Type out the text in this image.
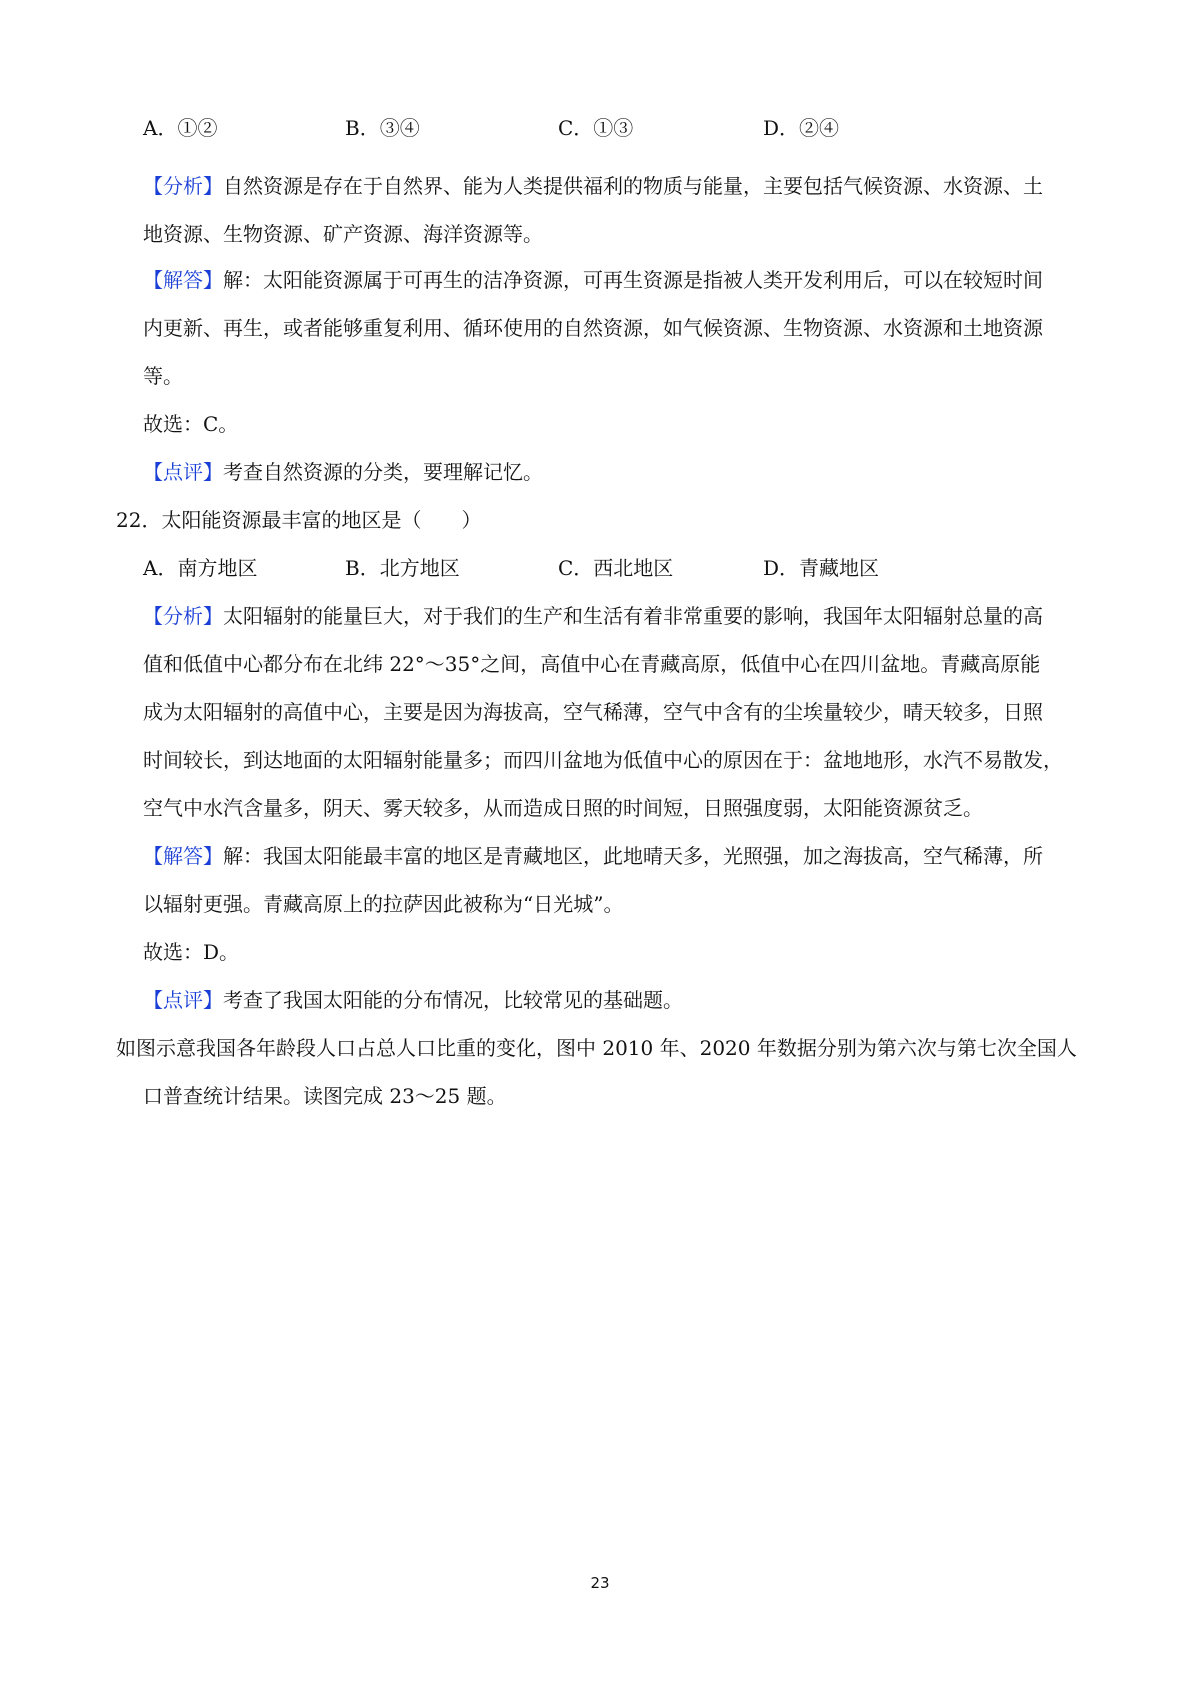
A．①②	B．③④	C．①③	D．②④
【分析】自然资源是存在于自然界、能为人类提供福利的物质与能量，主要包括气候资源、水资源、土
地资源、生物资源、矿产资源、海洋资源等。
【解答】解：太阳能资源属于可再生的洁净资源，可再生资源是指被人类开发利用后，可以在较短时间
内更新、再生，或者能够重复利用、循环使用的自然资源，如气候资源、生物资源、水资源和土地资源
等。
故选：C。
【点评】考查自然资源的分类，要理解记忆。
22．太阳能资源最丰富的地区是（　　）
A．南方地区	B．北方地区	C．西北地区	D．青藏地区
【分析】太阳辐射的能量巨大，对于我们的生产和生活有着非常重要的影响，我国年太阳辐射总量的高
值和低值中心都分布在北纬 22°～35°之间，高值中心在青藏高原，低值中心在四川盆地。青藏高原能
成为太阳辐射的高值中心，主要是因为海拔高，空气稀薄，空气中含有的尘埃量较少，晴天较多，日照
时间较长，到达地面的太阳辐射能量多；而四川盆地为低值中心的原因在于：盆地地形，水汽不易散发，
空气中水汽含量多，阴天、雾天较多，从而造成日照的时间短，日照强度弱，太阳能资源贫乏。
【解答】解：我国太阳能最丰富的地区是青藏地区，此地晴天多，光照强，加之海拔高，空气稀薄，所
以辐射更强。青藏高原上的拉萨因此被称为“日光城”。
故选：D。
【点评】考查了我国太阳能的分布情况，比较常见的基础题。
如图示意我国各年龄段人口占总人口比重的变化，图中 2010 年、2020 年数据分别为第六次与第七次全国人
口普查统计结果。读图完成 23～25 题。
23
